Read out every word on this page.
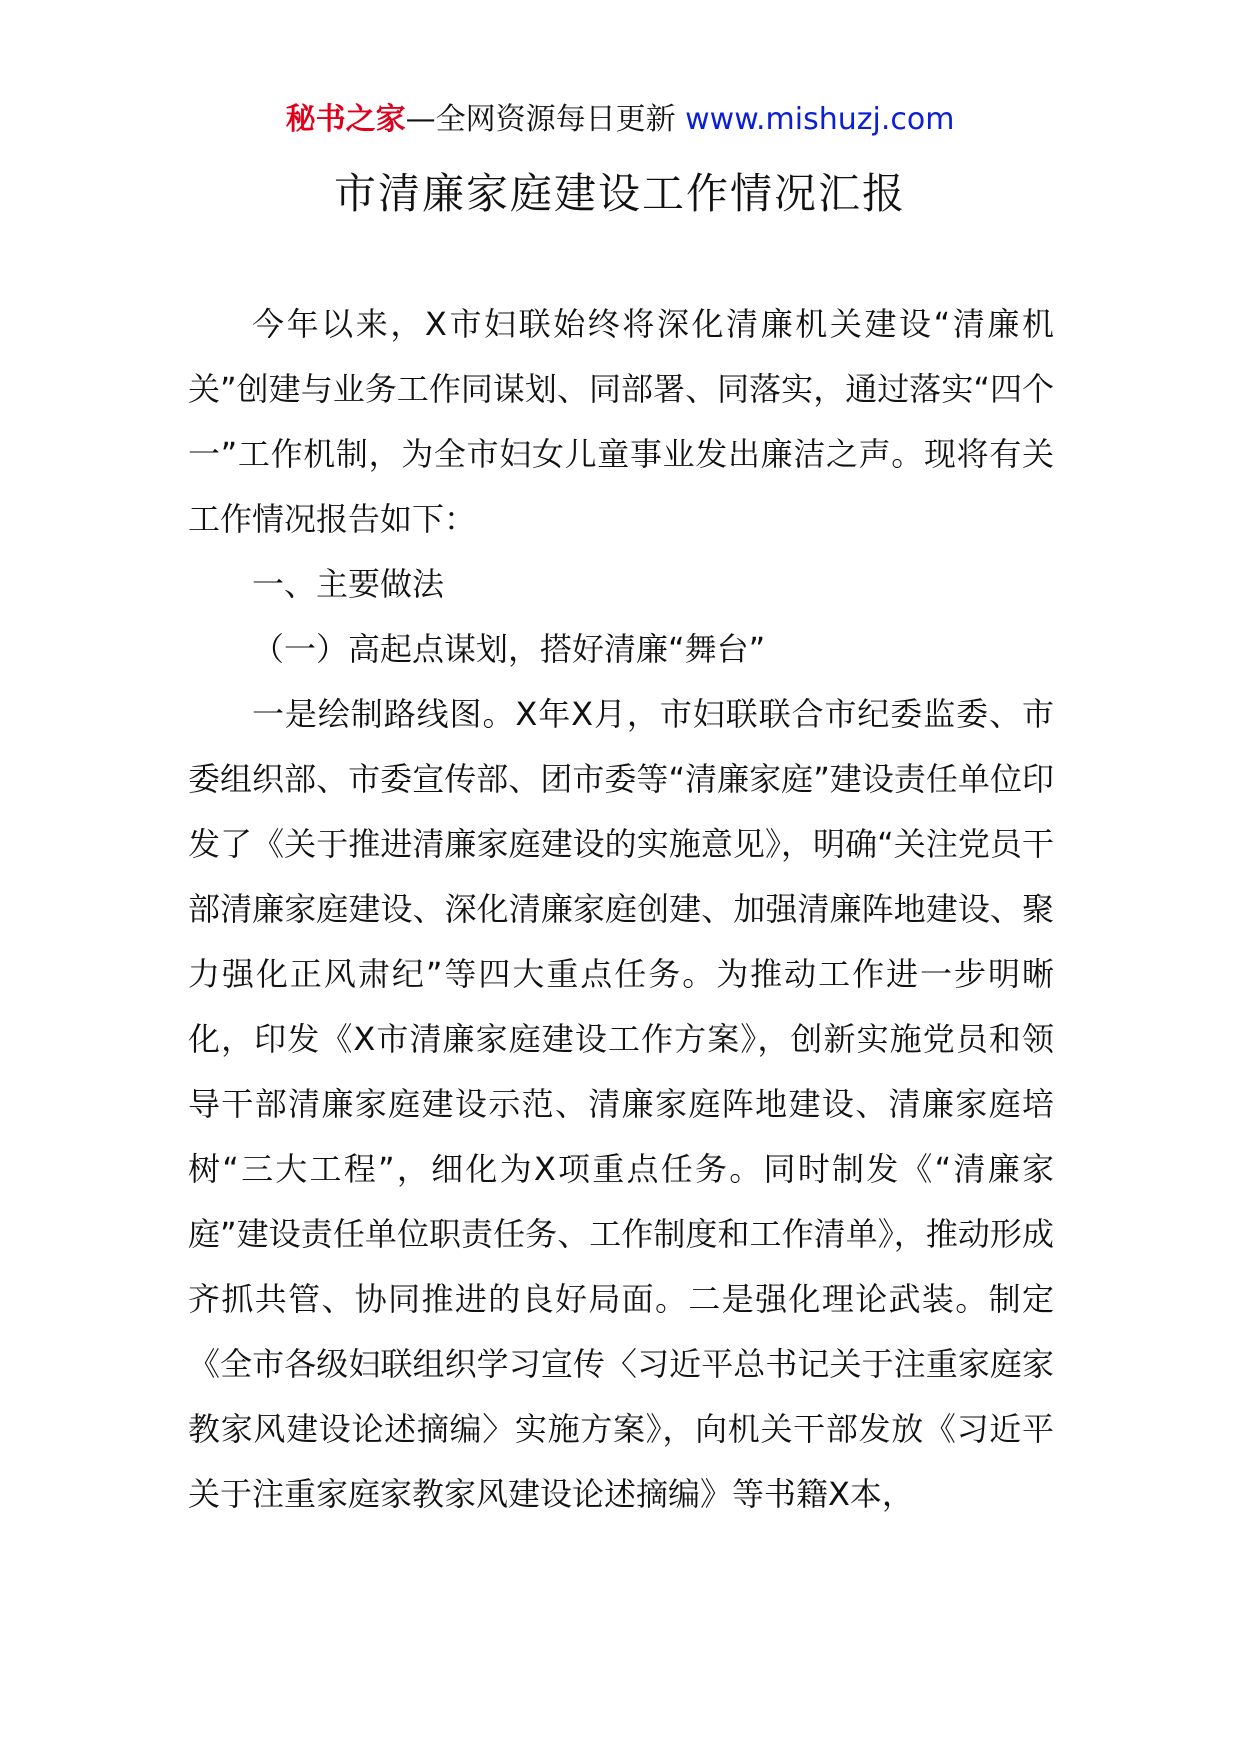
秘书之家—全网资源每日更新 www.mishuzj.com
市清廉家庭建设工作情况汇报

今年以来，X市妇联始终将深化清廉机关建设“清廉机关”创建与业务工作同谋划、同部署、同落实，通过落实“四个一”工作机制，为全市妇女儿童事业发出廉洁之声。现将有关工作情况报告如下：

一、主要做法

（一）高起点谋划，搭好清廉“舞台”

一是绘制路线图。X年X月，市妇联联合市纪委监委、市委组织部、市委宣传部、团市委等“清廉家庭”建设责任单位印发了《关于推进清廉家庭建设的实施意见》，明确“关注党员干部清廉家庭建设、深化清廉家庭创建、加强清廉阵地建设、聚力强化正风肃纪”等四大重点任务。为推动工作进一步明晰化，印发《X市清廉家庭建设工作方案》，创新实施党员和领导干部清廉家庭建设示范、清廉家庭阵地建设、清廉家庭培树“三大工程”，细化为X项重点任务。同时制发《“清廉家庭”建设责任单位职责任务、工作制度和工作清单》，推动形成齐抓共管、协同推进的良好局面。二是强化理论武装。制定《全市各级妇联组织学习宣传〈习近平总书记关于注重家庭家教家风建设论述摘编〉实施方案》，向机关干部发放《习近平关于注重家庭家教家风建设论述摘编》等书籍X本，
